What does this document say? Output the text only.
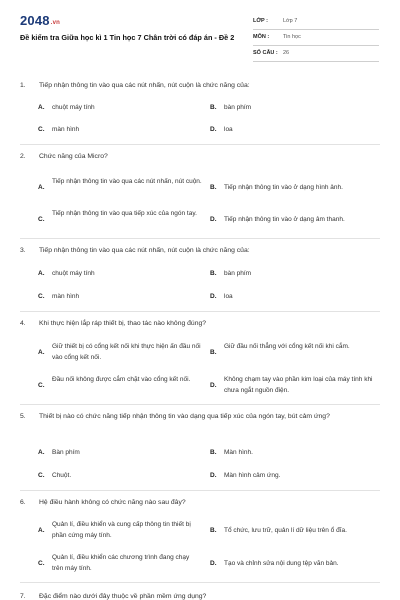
2048.vn
Đề kiểm tra Giữa học kì 1 Tin học 7 Chân trời có đáp án - Đề 2
LỚP :	Lớp 7
MÔN :	Tin học
SỐ CÂU : 26
1.	Tiếp nhận thông tin vào qua các nút nhấn, nút cuộn là chức năng của:
A. chuột máy tính	B. bàn phím
C. màn hình	D. loa
2.	Chức năng của Micro?
A.
Tiếp nhận thông tin vào qua các nút nhấn, nút cuộn.
B. Tiếp nhận thông tin vào ở dạng hình ảnh.
C.
Tiếp nhận thông tin vào qua tiếp xúc của ngón tay.
D. Tiếp nhận thông tin vào ở dạng âm thanh.
3.	Tiếp nhận thông tin vào qua các nút nhấn, nút cuộn là chức năng của:
A. chuột máy tính	B. bàn phím
C. màn hình	D. loa
4.	Khi thực hiện lắp ráp thiết bị, thao tác nào không đúng?
A.
Giữ thiết bị có cổng kết nối khi thực hiện ấn đầu nối vào cổng kết nối.
B.
Giữ đầu nối thẳng với cổng kết nối khi cắm.
C.
Đầu nối không được cắm chặt vào cổng kết nối.
D.
Không chạm tay vào phần kim loại của máy tính khi chưa ngắt nguồn điện.
5.	Thiết bị nào có chức năng tiếp nhận thông tin vào dạng qua tiếp xúc của ngón tay, bút cảm ứng?
A. Bàn phím	B. Màn hình.
C. Chuột.	D. Màn hình cảm ứng.
6.	Hệ điều hành không có chức năng nào sau đây?
A.
Quản lí, điều khiển và cung cấp thông tin thiết bị phần cứng máy tính.
B. Tổ chức, lưu trữ, quản lí dữ liệu trên ổ đĩa.
C.
Quản lí, điều khiển các chương trình đang chạy trên máy tính.
D. Tạo và chỉnh sửa nội dung tệp văn bản.
7.	Đặc điểm nào dưới đây thuộc về phần mềm ứng dụng?
